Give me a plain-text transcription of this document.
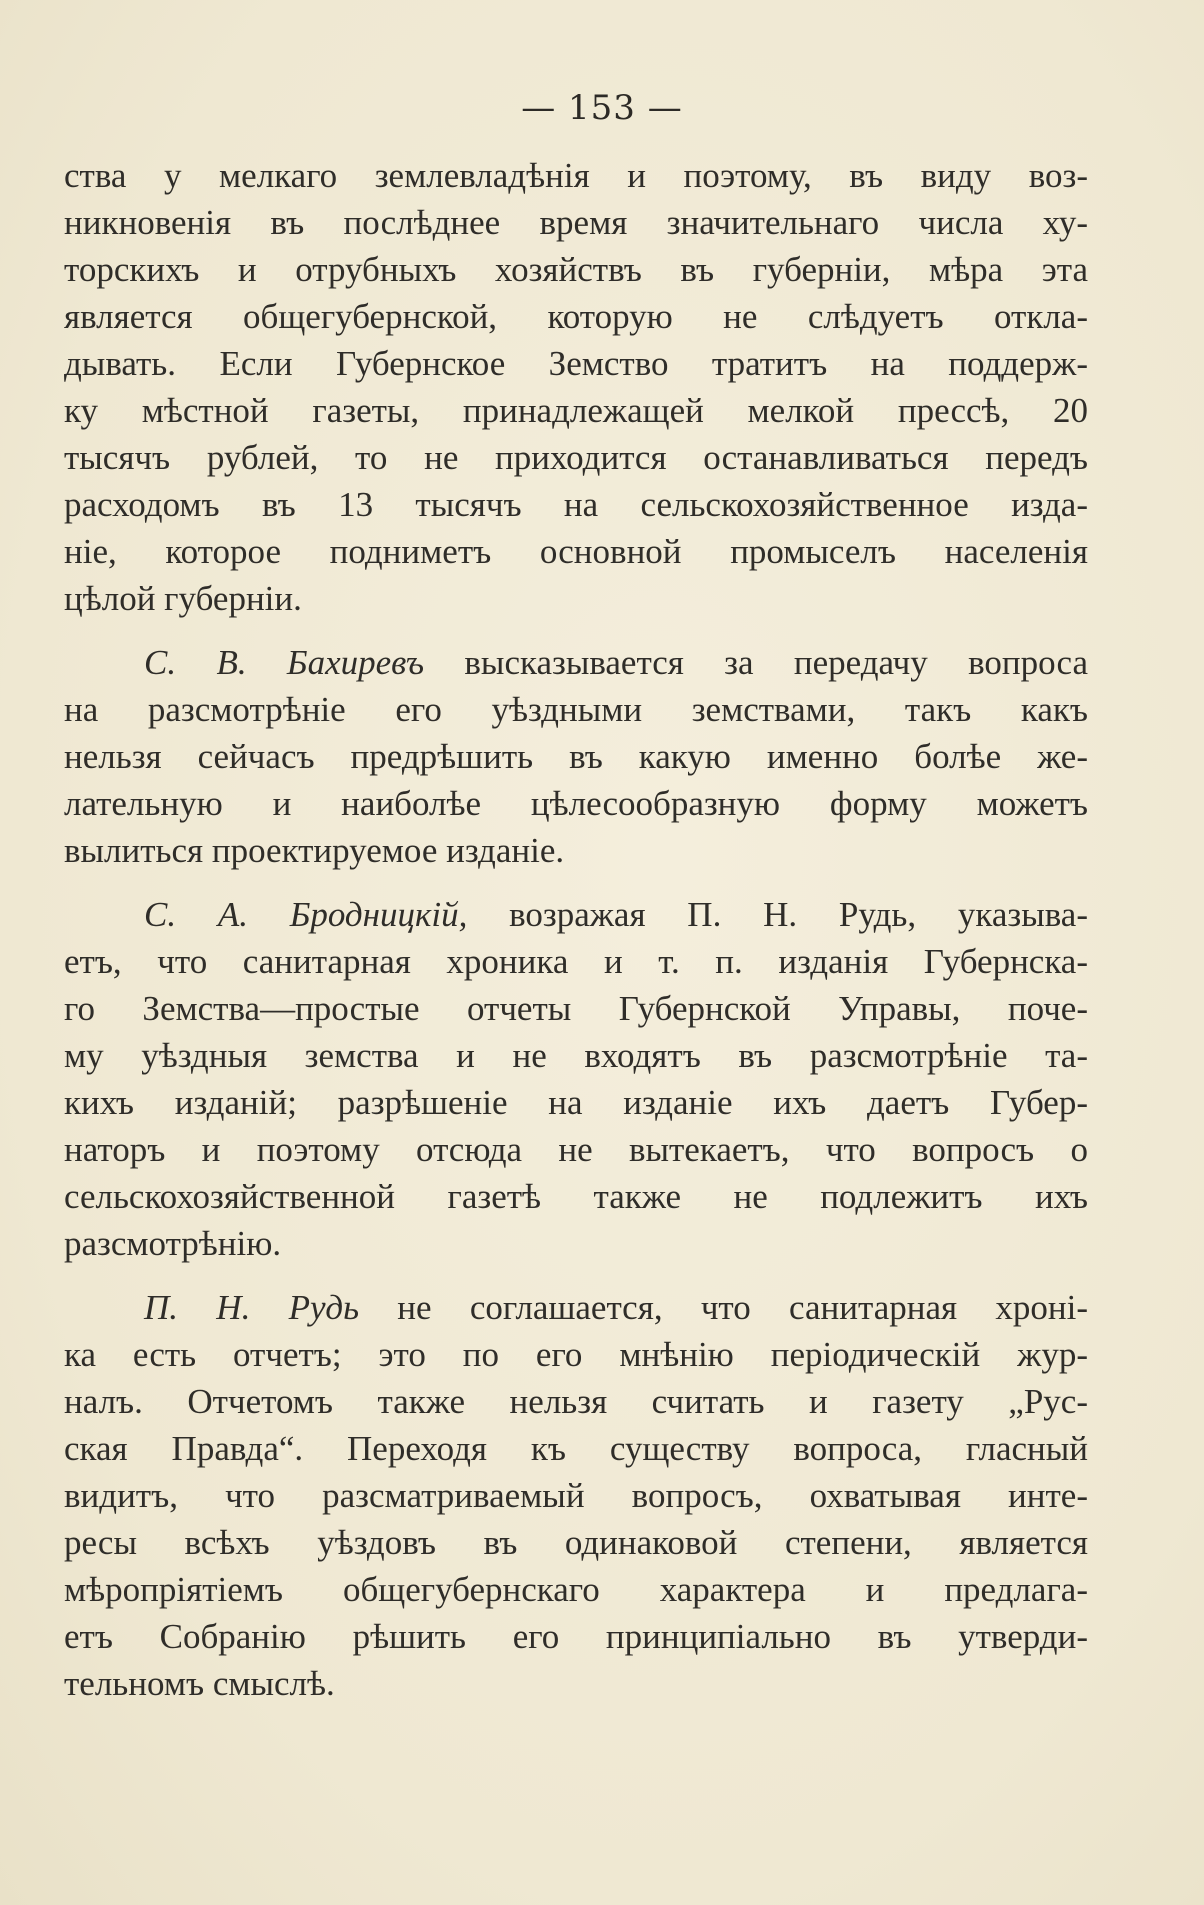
— 153 —
ства у мелкаго землевладѣнія и поэтому, въ виду воз-
никновенія въ послѣднее время значительнаго числа ху-
торскихъ и отрубныхъ хозяйствъ въ губерніи, мѣра эта
является общегубернской, которую не слѣдуетъ откла-
дывать. Если Губернское Земство тратитъ на поддерж-
ку мѣстной газеты, принадлежащей мелкой прессѣ, 20
тысячъ рублей, то не приходится останавливаться передъ
расходомъ въ 13 тысячъ на сельскохозяйственное изда-
ніе, которое подниметъ основной промыселъ населенія
цѣлой губерніи.
С. В. Бахиревъ высказывается за передачу вопроса
на разсмотрѣніе его уѣздными земствами, такъ какъ
нельзя сейчасъ предрѣшить въ какую именно болѣе же-
лательную и наиболѣе цѣлесообразную форму можетъ
вылиться проектируемое изданіе.
С. А. Бродницкій, возражая П. Н. Рудь, указыва-
етъ, что санитарная хроника и т. п. изданія Губернска-
го Земства—простые отчеты Губернской Управы, поче-
му уѣздныя земства и не входятъ въ разсмотрѣніе та-
кихъ изданій; разрѣшеніе на изданіе ихъ даетъ Губер-
наторъ и поэтому отсюда не вытекаетъ, что вопросъ о
сельскохозяйственной газетѣ также не подлежитъ ихъ
разсмотрѣнію.
П. Н. Рудь не соглашается, что санитарная хроні-
ка есть отчетъ; это по его мнѣнію періодическій жур-
налъ. Отчетомъ также нельзя считать и газету „Рус-
ская Правда“. Переходя къ существу вопроса, гласный
видитъ, что разсматриваемый вопросъ, охватывая инте-
ресы всѣхъ уѣздовъ въ одинаковой степени, является
мѣропріятіемъ общегубернскаго характера и предлага-
етъ Собранію рѣшить его принципіально въ утверди-
тельномъ смыслѣ.
